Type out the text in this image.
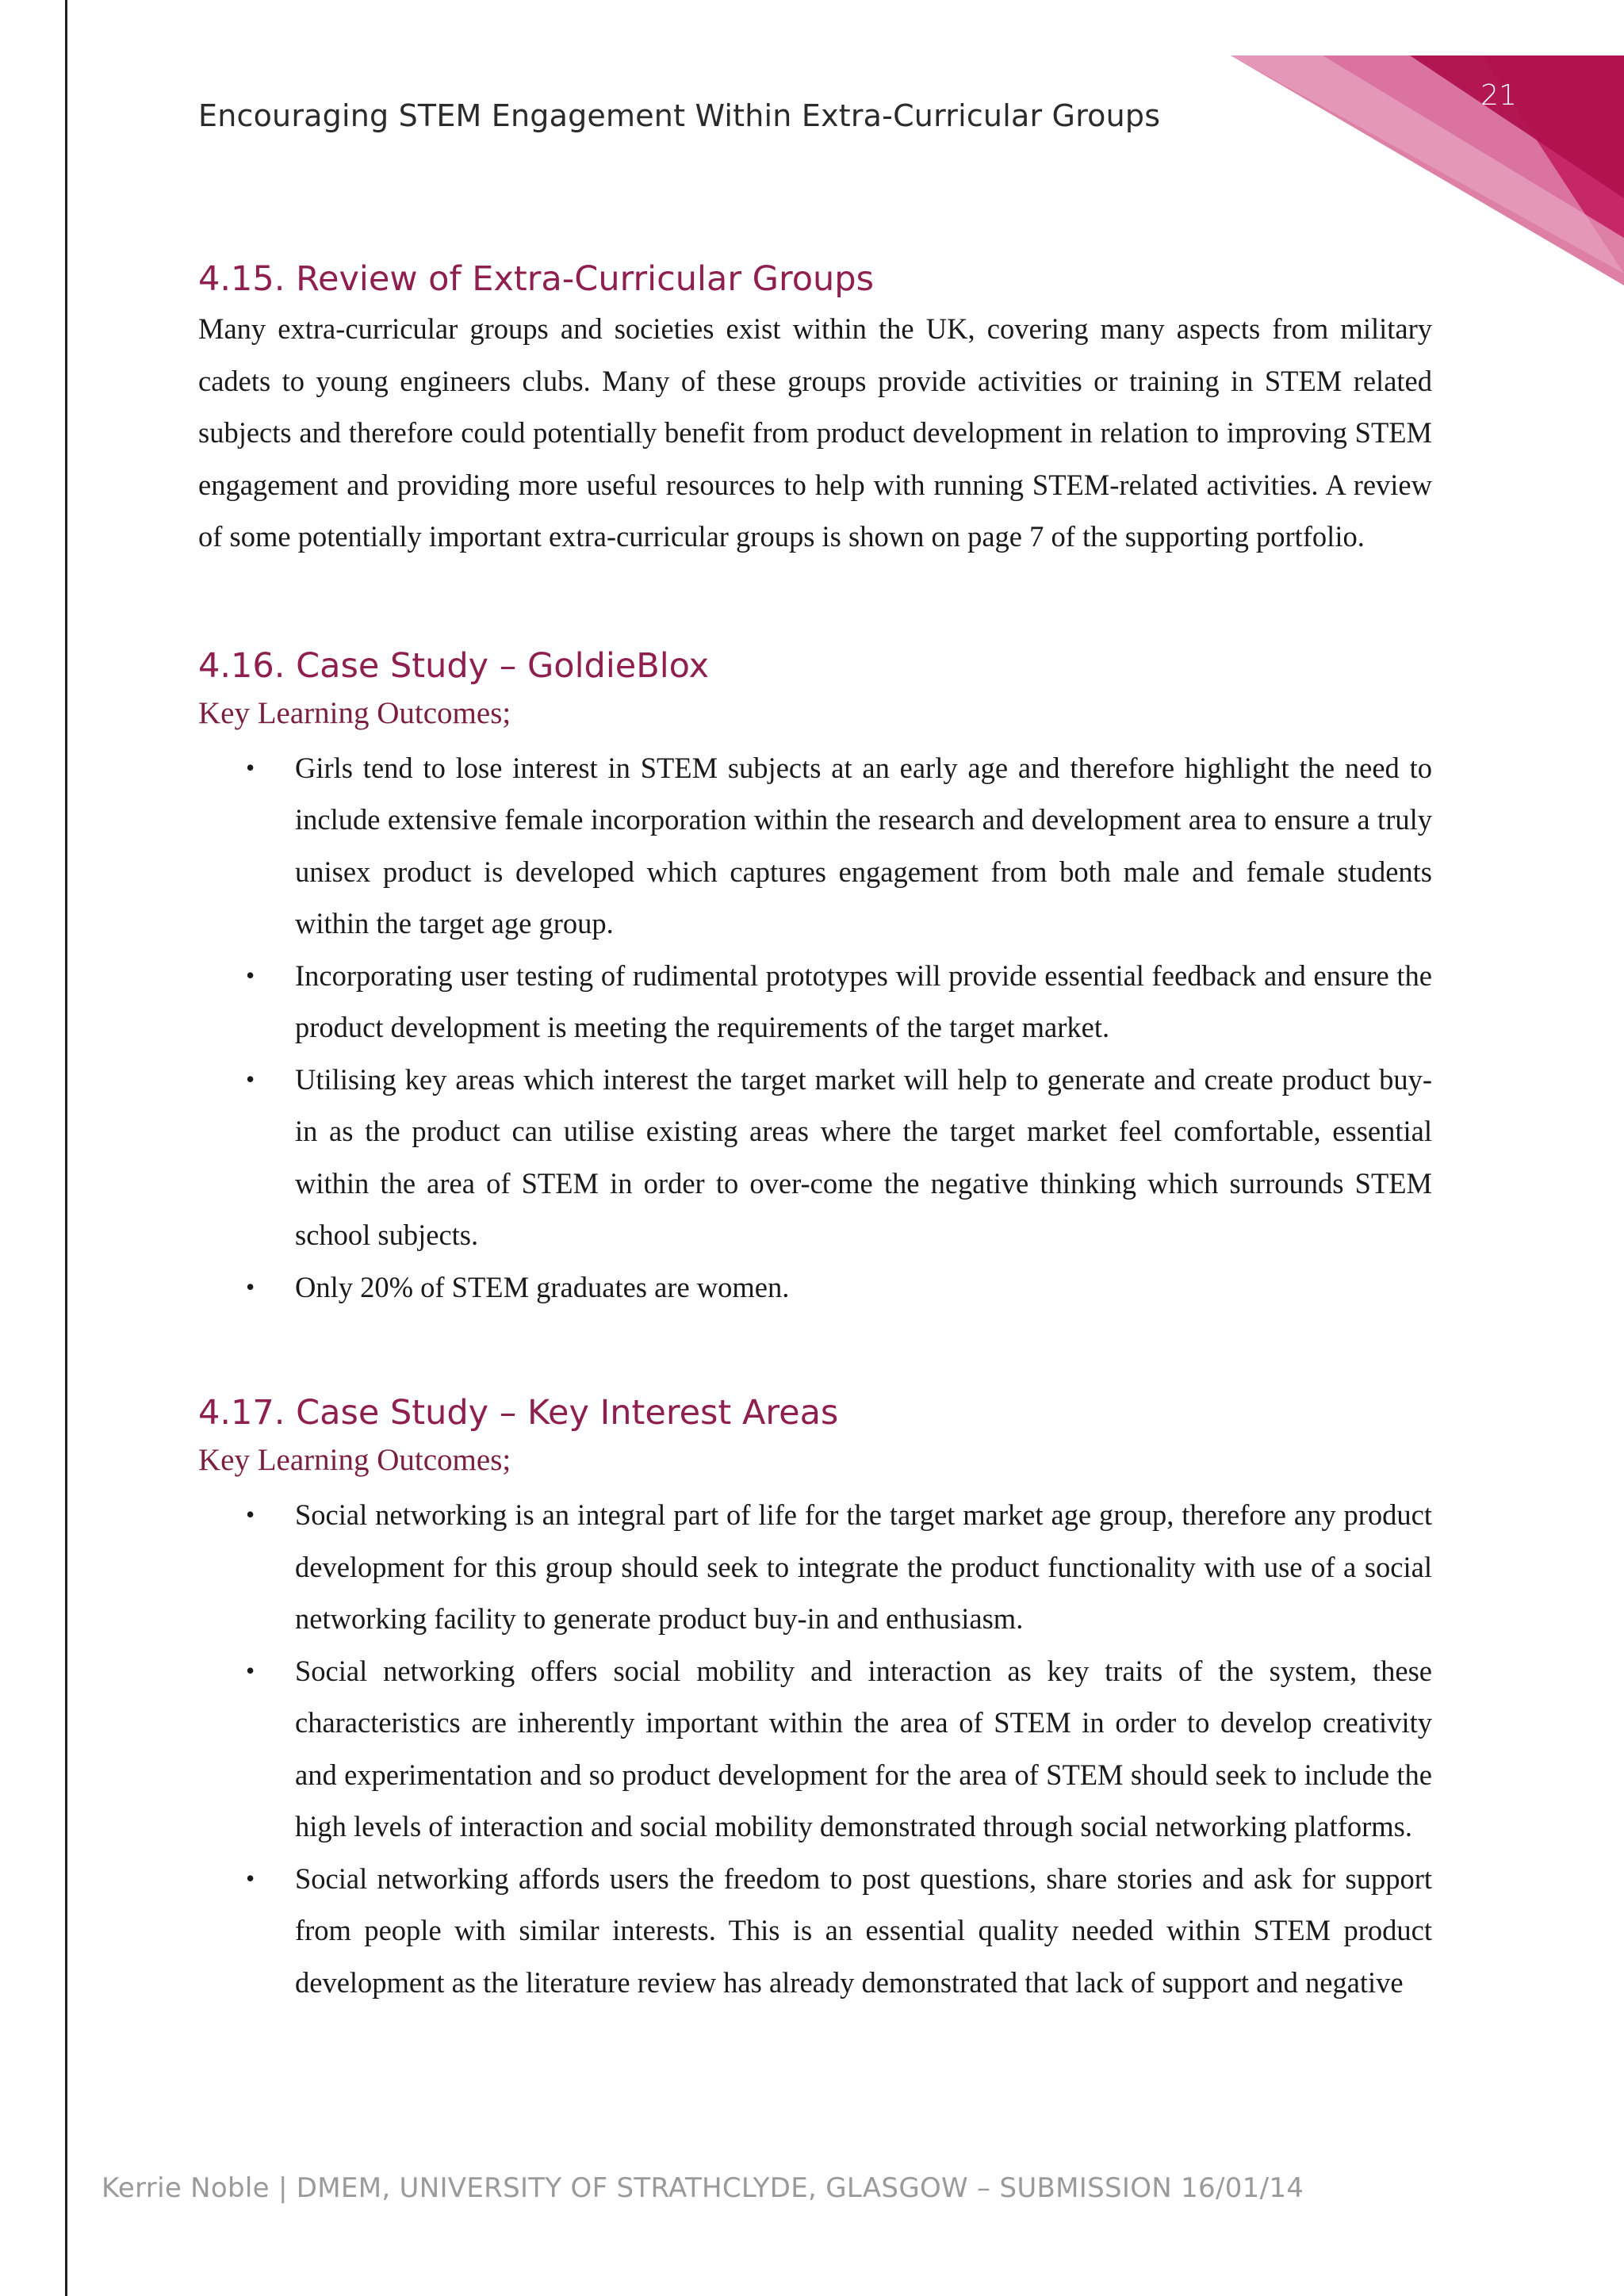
21
Encouraging STEM Engagement Within Extra-Curricular Groups
4.15. Review of Extra-Curricular Groups

Many extra-curricular groups and societies exist within the UK, covering many aspects from military cadets to young engineers clubs. Many of these groups provide activities or training in STEM related subjects and therefore could potentially benefit from product development in relation to improving STEM engagement and providing more useful resources to help with running STEM-related activities. A review of some potentially important extra-curricular groups is shown on page 7 of the supporting portfolio.

4.16. Case Study – GoldieBlox

Key Learning Outcomes;

•	Girls tend to lose interest in STEM subjects at an early age and therefore highlight the need to include extensive female incorporation within the research and development area to ensure a truly unisex product is developed which captures engagement from both male and female students within the target age group.
•	Incorporating user testing of rudimental prototypes will provide essential feedback and ensure the product development is meeting the requirements of the target market.
•	Utilising key areas which interest the target market will help to generate and create product buy-in as the product can utilise existing areas where the target market feel comfortable, essential within the area of STEM in order to over-come the negative thinking which surrounds STEM school subjects.
•	Only 20% of STEM graduates are women.
4.17. Case Study – Key Interest Areas

Key Learning Outcomes;

•	Social networking is an integral part of life for the target market age group, therefore any product development for this group should seek to integrate the product functionality with use of a social networking facility to generate product buy-in and enthusiasm.
•	Social networking offers social mobility and interaction as key traits of the system, these characteristics are inherently important within the area of STEM in order to develop creativity and experimentation and so product development for the area of STEM should seek to include the high levels of interaction and social mobility demonstrated through social networking platforms.
•	Social networking affords users the freedom to post questions, share stories and ask for support from people with similar interests. This is an essential quality needed within STEM product development as the literature review has already demonstrated that lack of support and negative
Kerrie Noble | DMEM, UNIVERSITY OF STRATHCLYDE, GLASGOW – SUBMISSION 16/01/14
